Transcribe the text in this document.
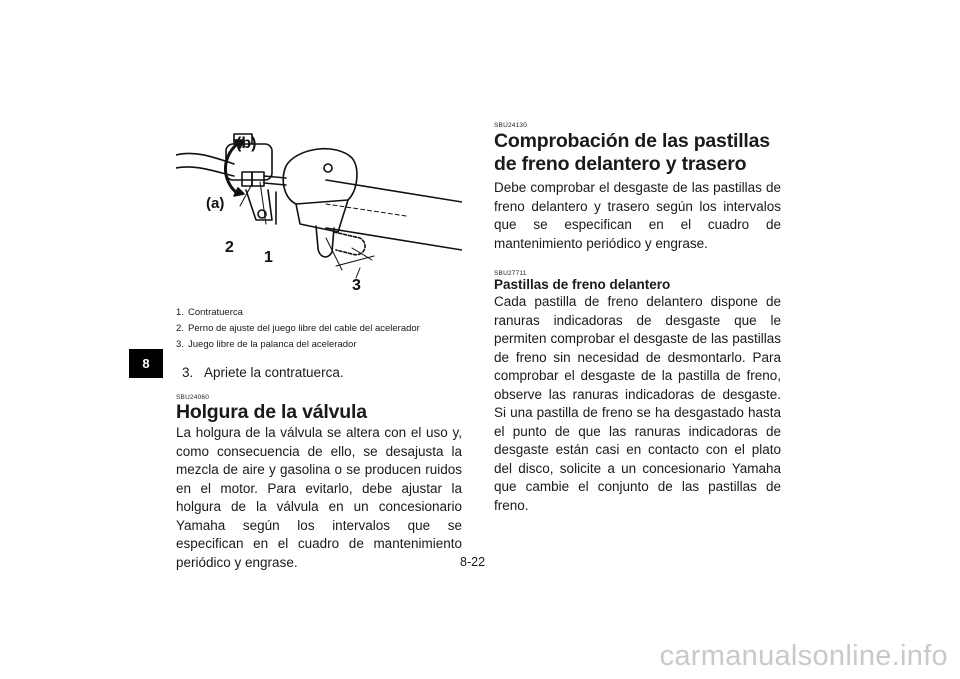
8
(b)
(a)
2
1
3
1. Contratuerca
2. Perno de ajuste del juego libre del cable del acelerador
3. Juego libre de la palanca del acelerador
3. Apriete la contratuerca.
SBU24060
Holgura de la válvula
La holgura de la válvula se altera con el uso y, como consecuencia de ello, se desajusta la mezcla de aire y gasolina o se producen ruidos en el motor. Para evitarlo, debe ajustar la holgura de la válvula en un concesionario Yamaha según los intervalos que se especifican en el cuadro de mantenimiento periódico y engrase.
SBU24130
Comprobación de las pastillas de freno delantero y trasero
Debe comprobar el desgaste de las pastillas de freno delantero y trasero según los intervalos que se especifican en el cuadro de mantenimiento periódico y engrase.
SBU27711
Pastillas de freno delantero
Cada pastilla de freno delantero dispone de ranuras indicadoras de desgaste que le permiten comprobar el desgaste de las pastillas de freno sin necesidad de desmontarlo. Para comprobar el desgaste de la pastilla de freno, observe las ranuras indicadoras de desgaste. Si una pastilla de freno se ha desgastado hasta el punto de que las ranuras indicadoras de desgaste están casi en contacto con el plato del disco, solicite a un concesionario Yamaha que cambie el conjunto de las pastillas de freno.
8-22
carmanualsonline.info
